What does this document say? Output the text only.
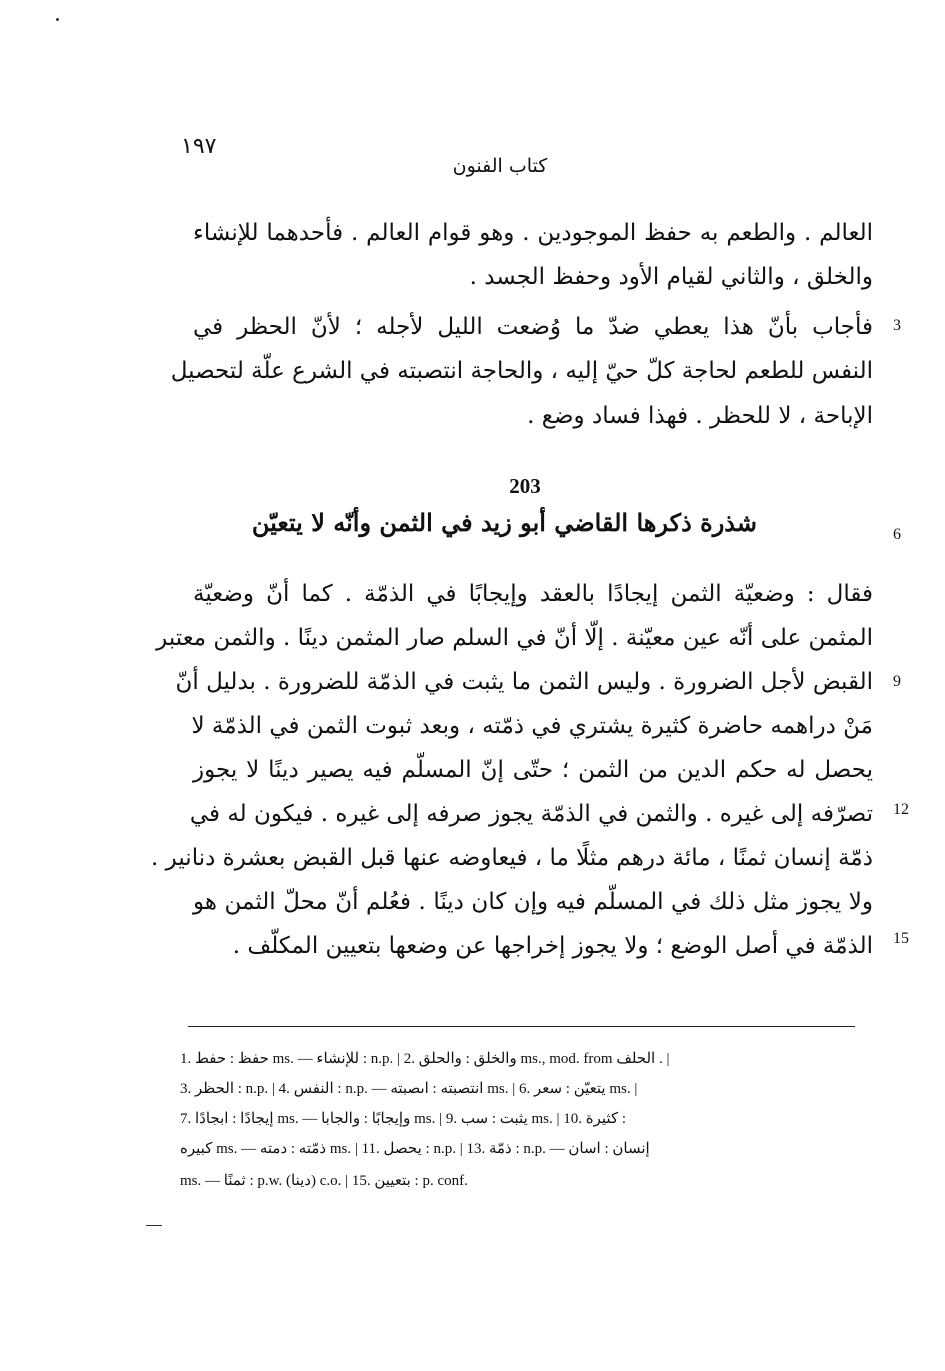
١٩٧
كتاب الفنون
العالم . والطعم به حفظ الموجودين . وهو قوام العالم . فأحدهما للإنشاء
والخلق ، والثاني لقيام الأود وحفظ الجسد .
فأجاب بأنّ هذا يعطي ضدّ ما وُضعت الليل لأجله ؛ لأنّ الحظر في
النفس للطعم لحاجة كلّ حيّ إليه ، والحاجة انتصبته في الشرع علّة لتحصيل
الإباحة ، لا للحظر . فهذا فساد وضع .
203
شذرة ذكرها القاضي أبو زيد في الثمن وأنّه لا يتعيّن
فقال : وضعيّة الثمن إيجادًا بالعقد وإيجابًا في الذمّة . كما أنّ وضعيّة
المثمن على أنّه عين معيّنة . إلّا أنّ في السلم صار المثمن دينًا . والثمن معتبر
القبض لأجل الضرورة . وليس الثمن ما يثبت في الذمّة للضرورة . بدليل أنّ
مَنْ دراهمه حاضرة كثيرة يشتري في ذمّته ، وبعد ثبوت الثمن في الذمّة لا
يحصل له حكم الدين من الثمن ؛ حتّى إنّ المسلّم فيه يصير دينًا لا يجوز
تصرّفه إلى غيره . والثمن في الذمّة يجوز صرفه إلى غيره . فيكون له في
ذمّة إنسان ثمنًا ، مائة درهم مثلًا ما ، فيعاوضه عنها قبل القبض بعشرة دنانير .
ولا يجوز مثل ذلك في المسلّم فيه وإن كان دينًا . فعُلم أنّ محلّ الثمن هو
الذمّة في أصل الوضع ؛ ولا يجوز إخراجها عن وضعها بتعيين المكلّف .
3
6
9
12
15
1. حفظ : حفط ms. — للإنشاء : n.p. | 2. والخلق : والحلق ms., mod. from الحلف . |
3. الحظر : n.p. | 4. النفس : n.p. — انتصبته : اںصبته ms. | 6. يتعيّن : سعر ms. |
7. إيجادًا : ابجادًا ms. — وإيجابًا : والجابا ms. | 9. يثبت : سب ms. | 10. كثيرة :
كبيره ms. — ذمّته : دمته ms. | 11. يحصل : n.p. | 13. ذمّة : n.p. — إنسان : اسان
ms. — ثمنًا : p.w. (دينا) c.o. | 15. بتعيين : p. conf.
